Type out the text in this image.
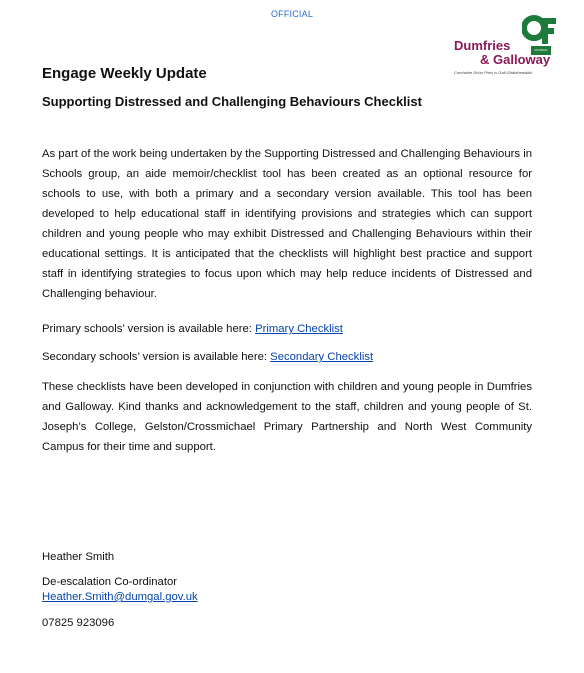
OFFICIAL
COUNCIL
Dumfries
& Galloway
Comhairle Dhùn Phris is Gall-Ghàidhealaibh
Engage Weekly Update
Supporting Distressed and Challenging Behaviours Checklist

As part of the work being undertaken by the Supporting Distressed and Challenging Behaviours in Schools group, an aide memoir/checklist tool has been created as an optional resource for schools to use, with both a primary and a secondary version available. This tool has been developed to help educational staff in identifying provisions and strategies which can support children and young people who may exhibit Distressed and Challenging Behaviours within their educational settings. It is anticipated that the checklists will highlight best practice and support staff in identifying strategies to focus upon which may help reduce incidents of Distressed and Challenging behaviour.

Primary schools’ version is available here: Primary Checklist

Secondary schools’ version is available here: Secondary Checklist

These checklists have been developed in conjunction with children and young people in Dumfries and Galloway. Kind thanks and acknowledgement to the staff, children and young people of St. Joseph’s College, Gelston/Crossmichael Primary Partnership and North West Community Campus for their time and support.

Heather Smith

De-escalation Co-ordinator

Heather.Smith@dumgal.gov.uk

07825 923096
